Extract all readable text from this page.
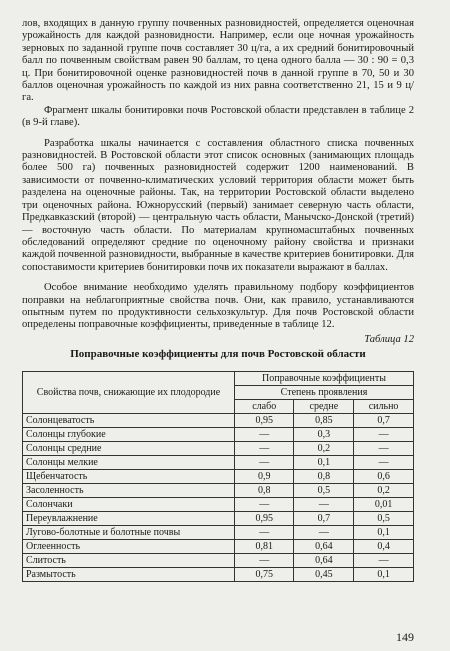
лов, входящих в данную группу почвенных разновидностей, определяется оценочная урожайность для каждой разновидности. Например, если оце ночная урожайность зерновых по заданной группе почв составляет 30 ц/га, а их средний бонитировочный балл по почвенным свойствам равен 90 баллам, то цена одного балла — 30 : 90 = 0,3 ц. При бонитировочной оценке разновидностей почв в данной группе в 70, 50 и 30 баллов оценочная урожайность по каждой из них равна соответственно 21, 15 и 9 ц/га.

Фрагмент шкалы бонитировки почв Ростовской области представлен в таблице 2 (в 9-й главе).

Разработка шкалы начинается с составления областного списка почвенных разновидностей. В Ростовской области этот список основных (занимающих площадь более 500 га) почвенных разновидностей содержит 1200 наименований. В зависимости от почвенно-климатических условий территория области может быть разделена на оценочные районы. Так, на территории Ростовской области выделено три оценочных района. Южнорусский (первый) занимает северную часть области, Предкавказский (второй) — центральную часть области, Манычско-Донской (третий) — восточную часть области. По материалам крупномасштабных почвенных обследований определяют средние по оценочному району свойства и признаки каждой почвенной разновидности, выбранные в качестве критериев бонитировки. Для сопоставимости критериев бонитировки почв их показатели выражают в баллах.

Особое внимание необходимо уделять правильному подбору коэффициентов поправки на неблагоприятные свойства почв. Они, как правило, устанавливаются опытным путем по продуктивности сельхозкультур. Для почв Ростовской области определены поправочные коэффициенты, приведенные в таблице 12.

Таблица 12
Поправочные коэффициенты для почв Ростовской области
Свойства почв, снижающие их плодородие	Поправочные коэффициенты		
	Степень проявления		
	слабо	средне	сильно
Солонцеватость	0,95	0,85	0,7
Солонцы глубокие	—	0,3	—
Солонцы средние	—	0,2	—
Солонцы мелкие	—	0,1	—
Щебенчатость	0,9	0,8	0,6
Засоленность	0,8	0,5	0,2
Солончаки	—	—	0,01
Переувлажнение	0,95	0,7	0,5
Лугово-болотные и болотные почвы	—	—	0,1
Оглеенность	0,81	0,64	0,4
Слитость	—	0,64	—
Размытость	0,75	0,45	0,1
149
